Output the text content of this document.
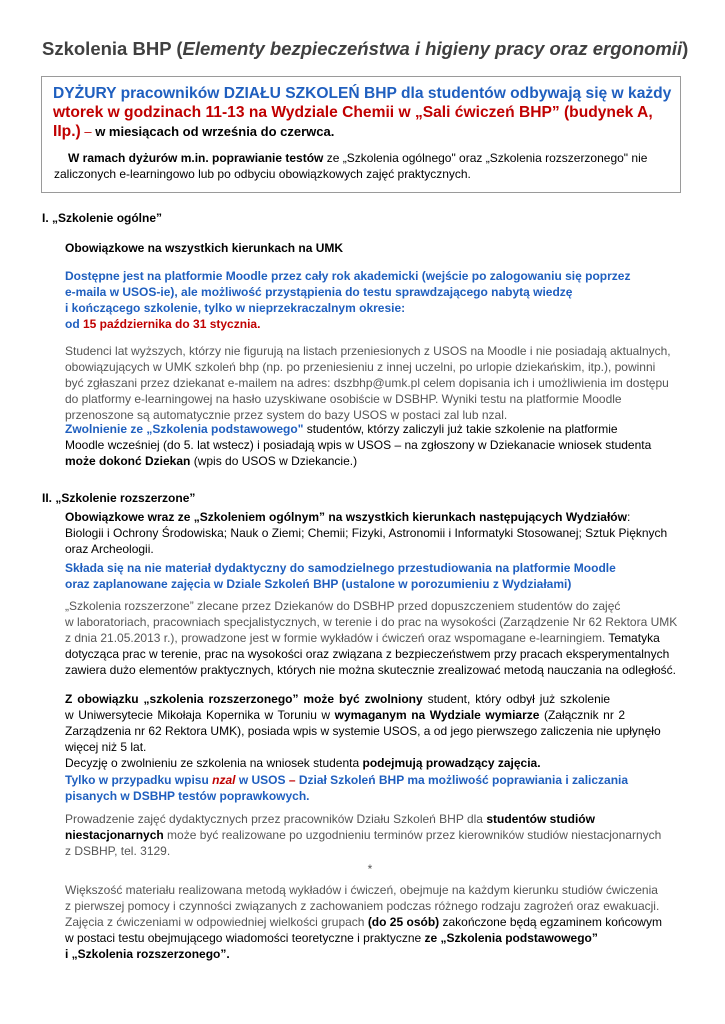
Szkolenia BHP (Elementy bezpieczeństwa i higieny pracy oraz ergonomii)
DYŻURY pracowników DZIAŁU SZKOLEŃ BHP dla studentów odbywają się w każdy
wtorek w godzinach 11-13 na Wydziale Chemii w „Sali ćwiczeń BHP” (budynek A,
IIp.) – w miesiącach od września do czerwca.
W ramach dyżurów m.in. poprawianie testów ze „Szkolenia ogólnego" oraz „Szkolenia rozszerzonego" nie
zaliczonych e-learningowo lub po odbyciu obowiązkowych zajęć praktycznych.
I. „Szkolenie ogólne”
Obowiązkowe na wszystkich kierunkach na UMK
Dostępne jest na platformie Moodle przez cały rok akademicki (wejście po zalogowaniu się poprzez
e-maila w USOS-ie), ale możliwość przystąpienia do testu sprawdzającego nabytą wiedzę
i kończącego szkolenie, tylko w nieprzekraczalnym okresie:
od 15 października do 31 stycznia.
Studenci lat wyższych, którzy nie figurują na listach przeniesionych z USOS na Moodle i nie posiadają aktualnych,
obowiązujących w UMK szkoleń bhp (np. po przeniesieniu z innej uczelni, po urlopie dziekańskim, itp.), powinni
być zgłaszani przez dziekanat e-mailem na adres: dszbhp@umk.pl celem dopisania ich i umożliwienia im dostępu
do platformy e-learningowej na hasło uzyskiwane osobiście w DSBHP. Wyniki testu na platformie Moodle
przenoszone są automatycznie przez system do bazy USOS w postaci zal lub nzal.
Zwolnienie ze „Szkolenia podstawowego" studentów, którzy zaliczyli już takie szkolenie na platformie
Moodle wcześniej (do 5. lat wstecz) i posiadają wpis w USOS – na zgłoszony w Dziekanacie wniosek studenta
może dokonć Dziekan (wpis do USOS w Dziekancie.)
II. „Szkolenie rozszerzone”
Obowiązkowe wraz ze „Szkoleniem ogólnym” na wszystkich kierunkach następujących Wydziałów:
Biologii i Ochrony Środowiska; Nauk o Ziemi; Chemii; Fizyki, Astronomii i Informatyki Stosowanej; Sztuk Pięknych
oraz Archeologii.
Składa się na nie materiał dydaktyczny do samodzielnego przestudiowania na platformie Moodle
oraz zaplanowane zajęcia w Dziale Szkoleń BHP (ustalone w porozumieniu z Wydziałami)
„Szkolenia rozszerzone” zlecane przez Dziekanów do DSBHP przed dopuszczeniem studentów do zajęć
w laboratoriach, pracowniach specjalistycznych, w terenie i do prac na wysokości (Zarządzenie Nr 62 Rektora UMK
z dnia 21.05.2013 r.), prowadzone jest w formie wykładów i ćwiczeń oraz wspomagane e-learningiem. Tematyka
dotycząca prac w terenie, prac na wysokości oraz związana z bezpieczeństwem przy pracach eksperymentalnych
zawiera dużo elementów praktycznych, których nie można skutecznie zrealizować metodą nauczania na odległość.
Z obowiązku „szkolenia rozszerzonego” może być zwolniony student, który odbył już szkolenie
w Uniwersytecie Mikołaja Kopernika w Toruniu w wymaganym na Wydziale wymiarze (Załącznik nr 2
Zarządzenia nr 62 Rektora UMK), posiada wpis w systemie USOS, a od jego pierwszego zaliczenia nie upłynęło
więcej niż 5 lat.
Decyzję o zwolnieniu ze szkolenia na wniosek studenta podejmują prowadzący zajęcia.
Tylko w przypadku wpisu nzal w USOS – Dział Szkoleń BHP ma możliwość poprawiania i zaliczania
pisanych w DSBHP testów poprawkowych.
Prowadzenie zajęć dydaktycznych przez pracowników Działu Szkoleń BHP dla studentów studiów
niestacjonarnych może być realizowane po uzgodnieniu terminów przez kierowników studiów niestacjonarnych
z DSBHP, tel. 3129.
*
Większość materiału realizowana metodą wykładów i ćwiczeń, obejmuje na każdym kierunku studiów ćwiczenia
z pierwszej pomocy i czynności związanych z zachowaniem podczas różnego rodzaju zagrożeń oraz ewakuacji.
Zajęcia z ćwiczeniami w odpowiedniej wielkości grupach (do 25 osób) zakończone będą egzaminem końcowym
w postaci testu obejmującego wiadomości teoretyczne i praktyczne ze „Szkolenia podstawowego”
i „Szkolenia rozszerzonego”.
